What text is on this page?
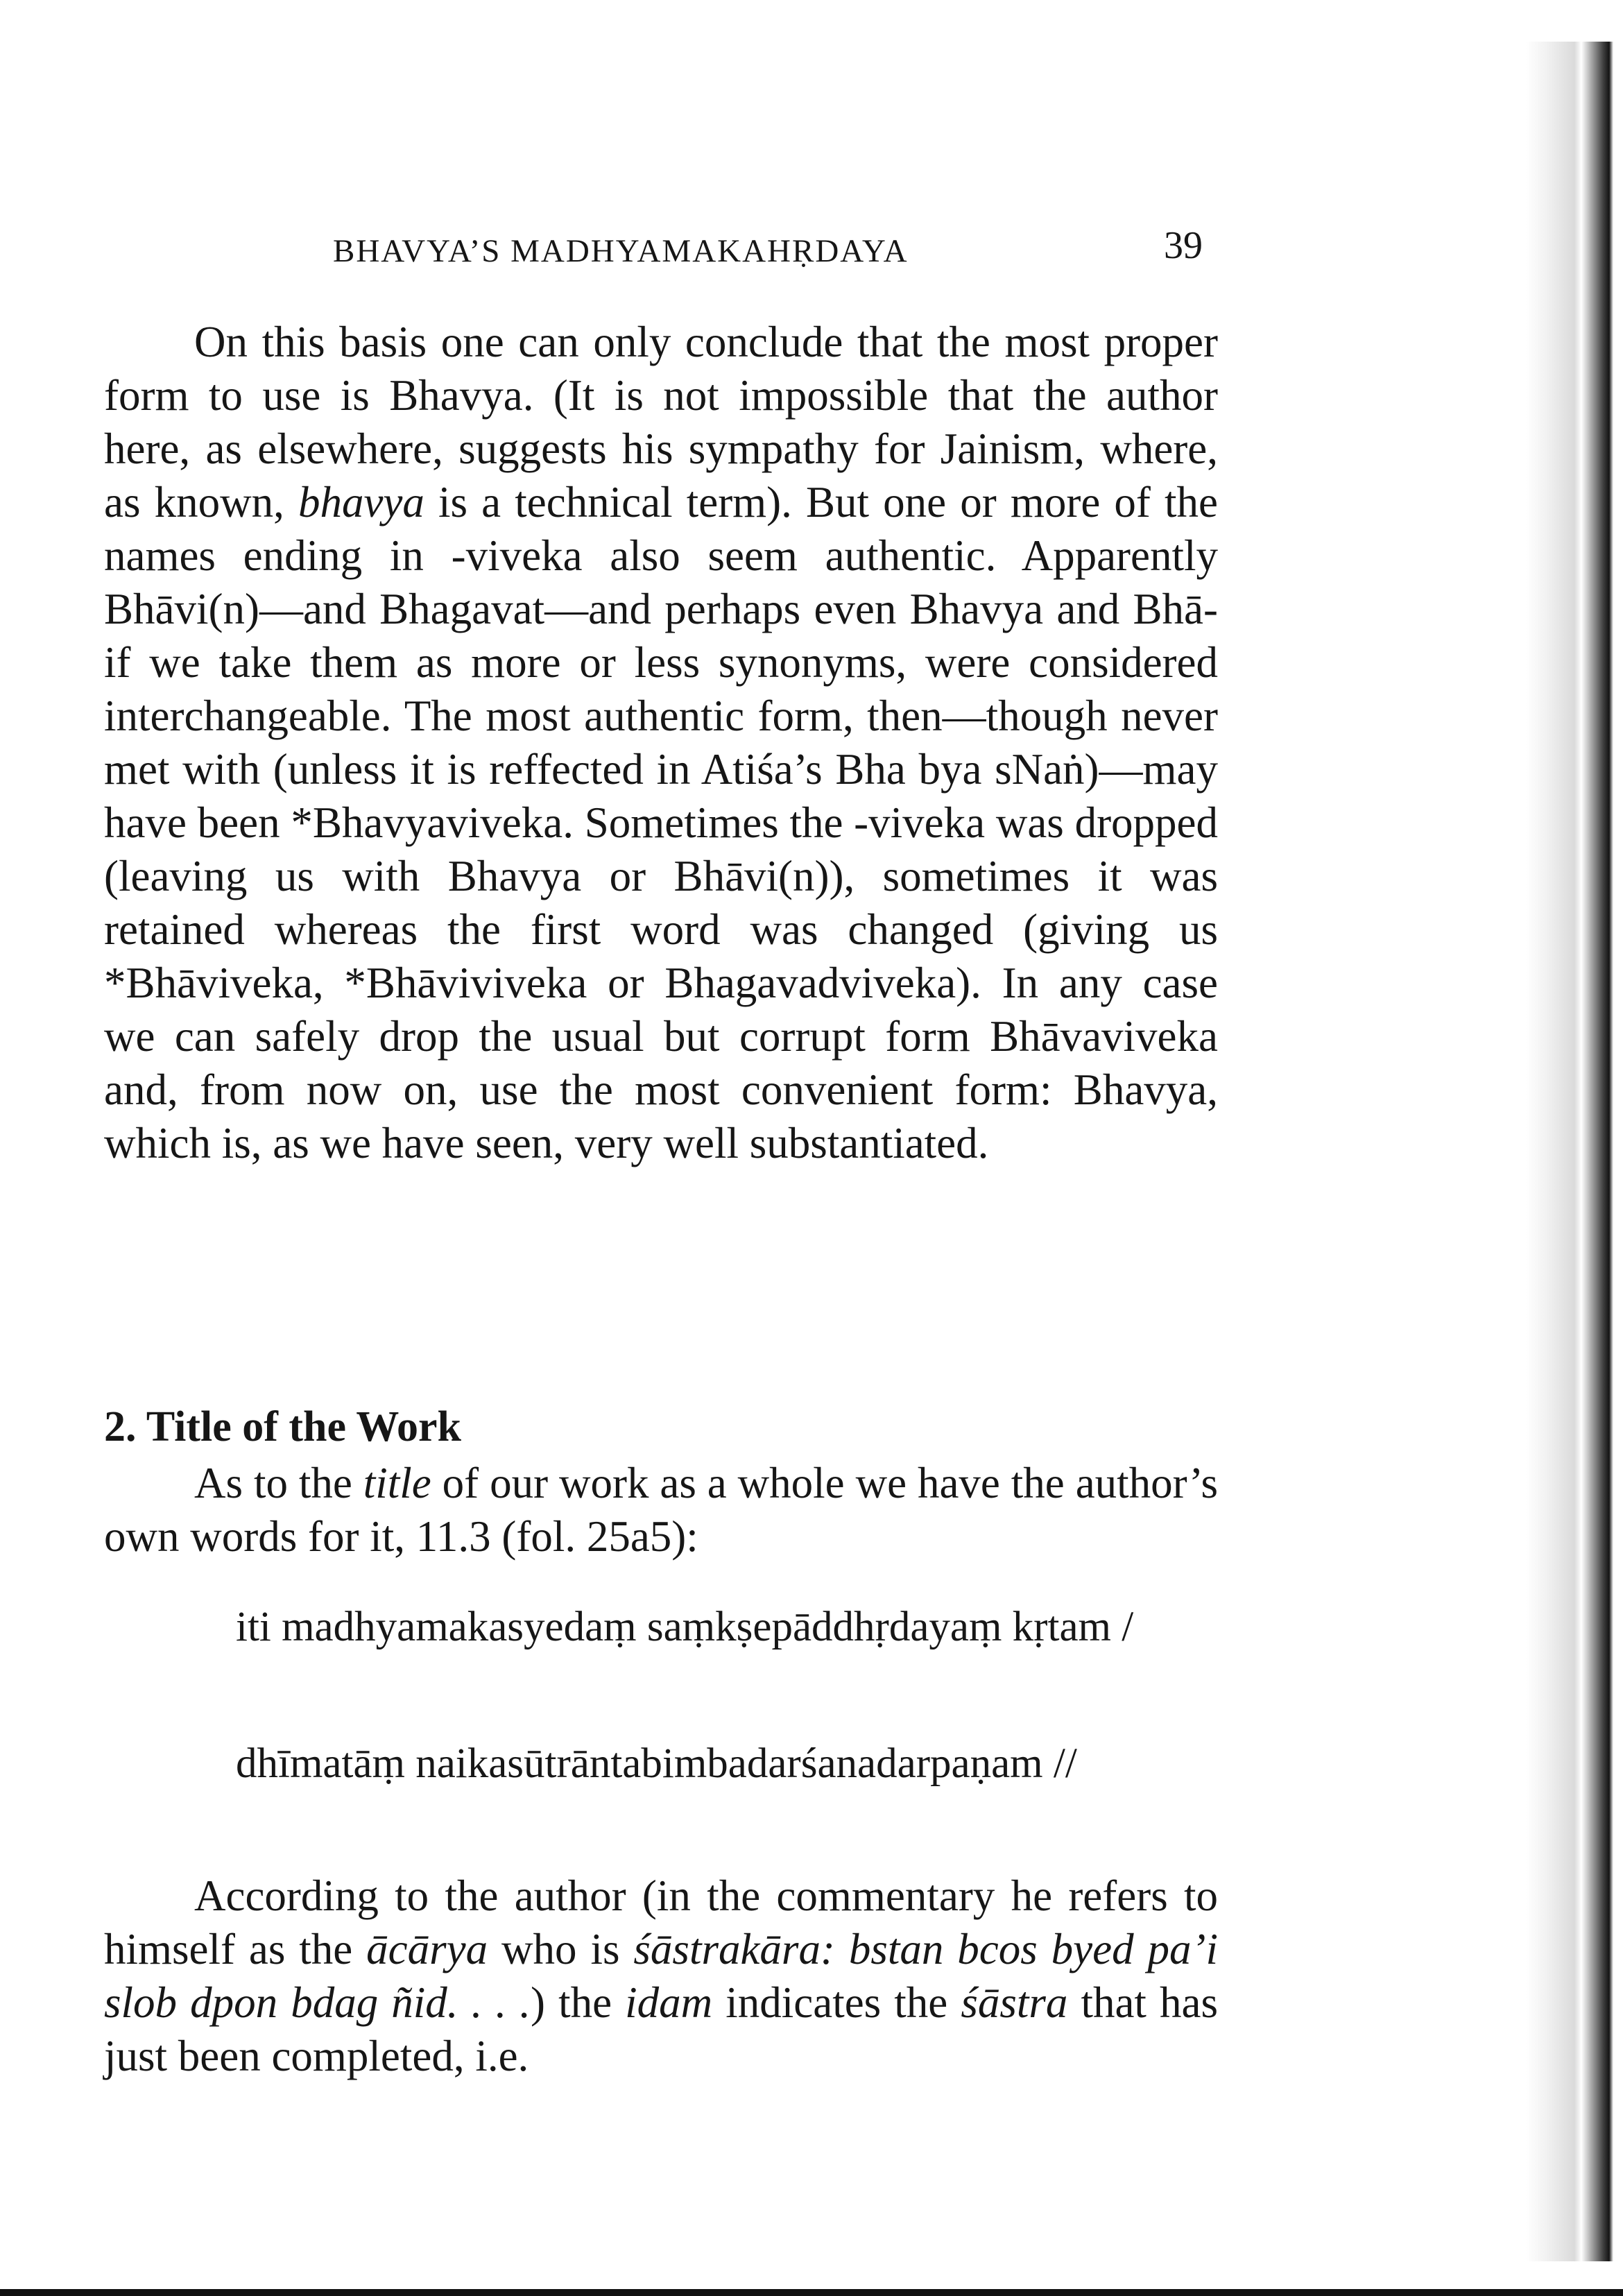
BHAVYA’S MADHYAMAKAHṚDAYA	39

On this basis one can only conclude that the most proper form to use is Bhavya. (It is not impossible that the author here, as elsewhere, suggests his sympathy for Jainism, where, as known, bhavya is a technical term). But one or more of the names ending in -viveka also seem authentic. Apparently Bhāvi(n)—and Bhagavat—and perhaps even Bhavya and Bhā- if we take them as more or less synonyms, were considered interchangeable. The most authentic form, then—though never met with (unless it is reffected in Atiśa’s Bha bya sNaṅ)—may have been *Bhavyaviveka. Sometimes the -viveka was dropped (leaving us with Bhavya or Bhāvi(n)), sometimes it was retained whereas the first word was changed (giving us *Bhāviveka, *Bhāviviveka or Bhagavadviveka). In any case we can safely drop the usual but corrupt form Bhāvaviveka and, from now on, use the most convenient form: Bhavya, which is, as we have seen, very well substantiated.

2. Title of the Work

As to the title of our work as a whole we have the author’s own words for it, 11.3 (fol. 25a5):

iti madhyamakasyedaṃ saṃkṣepāddhṛdayaṃ kṛtam /

dhīmatāṃ naikasūtrāntabimbadarśanadarpaṇam //

According to the author (in the commentary he refers to himself as the ācārya who is śāstrakāra: bstan bcos byed pa’i slob dpon bdag ñid. . . .) the idam indicates the śāstra that has just been completed, i.e.
